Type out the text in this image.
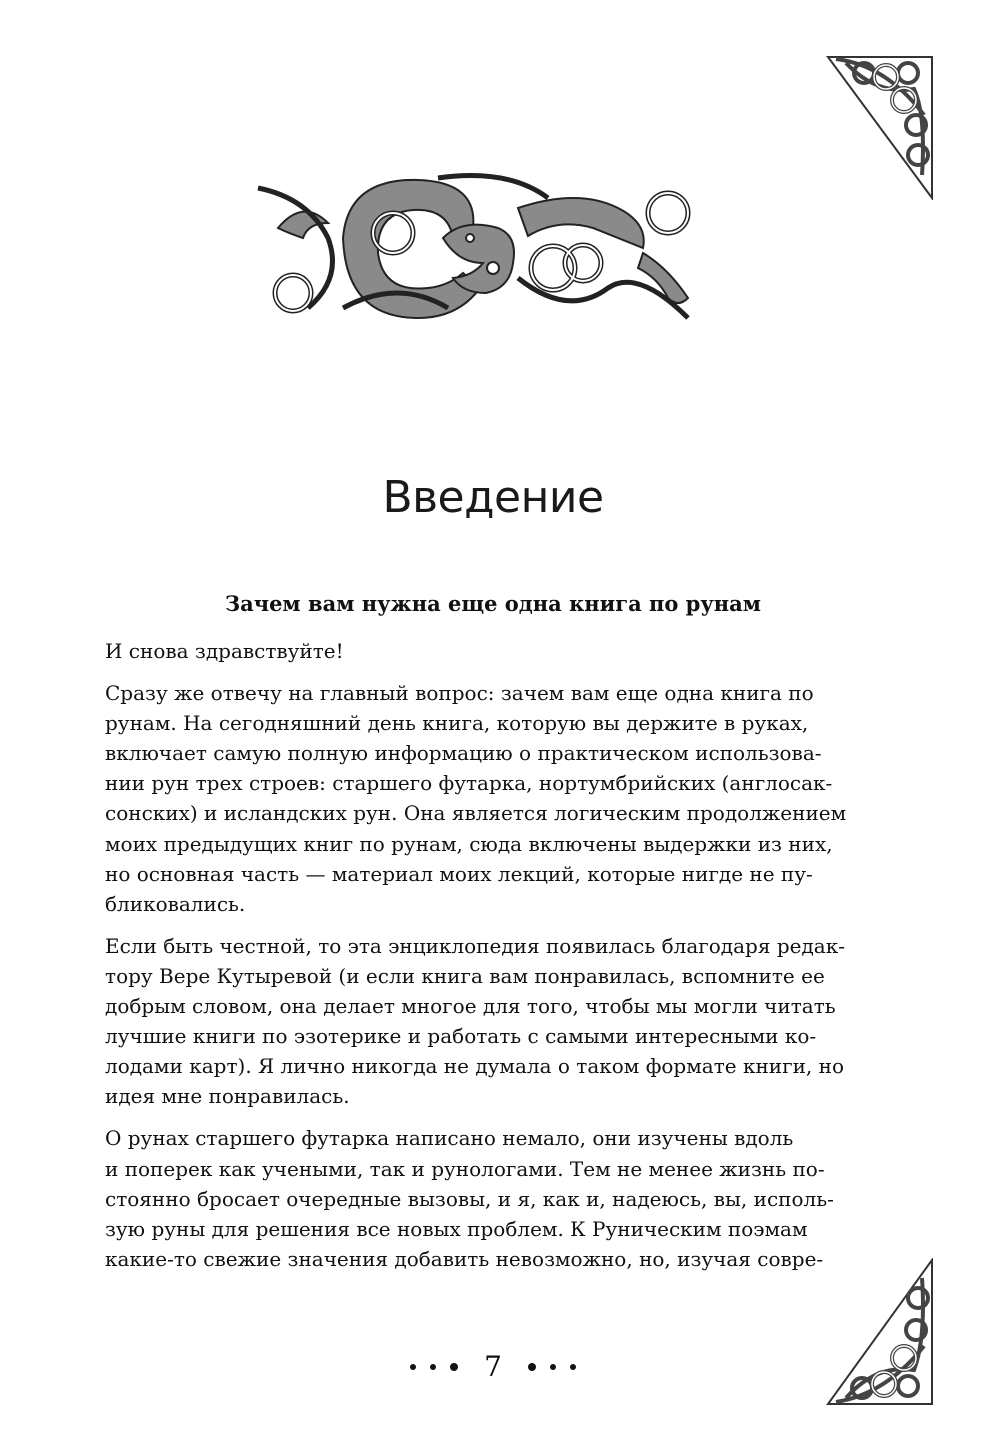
Введение
Зачем вам нужна еще одна книга по рунам

И снова здравствуйте!

Сразу же отвечу на главный вопрос: зачем вам еще одна книга по
рунам. На сегодняшний день книга, которую вы держите в руках,
включает самую полную информацию о практическом использова-
нии рун трех строев: старшего футарка, нортумбрийских (англосак-
сонских) и исландских рун. Она является логическим продолжением
моих предыдущих книг по рунам, сюда включены выдержки из них,
но основная часть — материал моих лекций, которые нигде не пу-
бликовались.

Если быть честной, то эта энциклопедия появилась благодаря редак-
тору Вере Кутыревой (и если книга вам понравилась, вспомните ее
добрым словом, она делает многое для того, чтобы мы могли читать
лучшие книги по эзотерике и работать с самыми интересными ко-
лодами карт). Я лично никогда не думала о таком формате книги, но
идея мне понравилась.

О рунах старшего футарка написано немало, они изучены вдоль
и поперек как учеными, так и рунологами. Тем не менее жизнь по-
стоянно бросает очередные вызовы, и я, как и, надеюсь, вы, исполь-
зую руны для решения все новых проблем. К Руническим поэмам
какие-то свежие значения добавить невозможно, но, изучая совре-

7
